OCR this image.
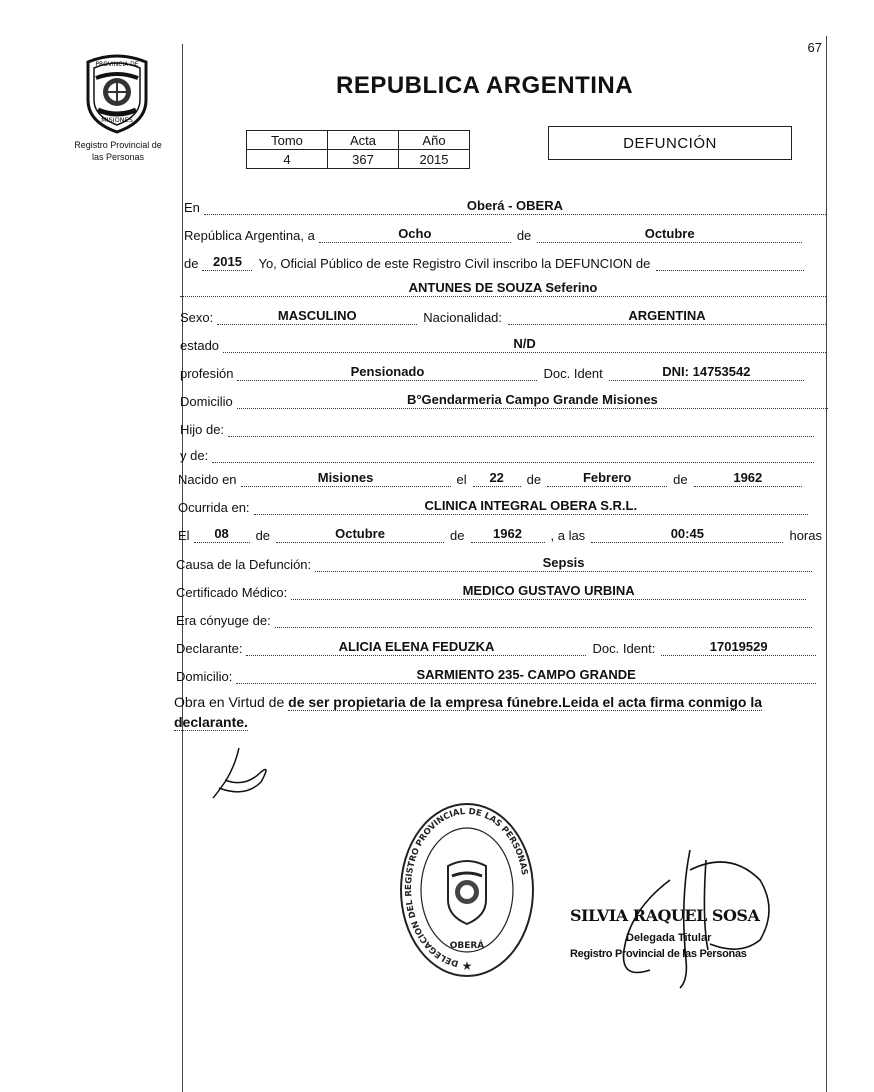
67
PROVINCIA DE
MISIONES
Registro Provincial de
las Personas
REPUBLICA ARGENTINA
Tomo	Acta	Año
4	367	2015
DEFUNCIÓN
En	Oberá - OBERA
República Argentina, a	Ocho	de	Octubre
de	2015	Yo, Oficial Público de este Registro Civil inscribo la DEFUNCION de
ANTUNES DE SOUZA Seferino
Sexo:	MASCULINO	Nacionalidad:	ARGENTINA
estado	N/D
profesión	Pensionado	Doc. Ident	DNI: 14753542
Domicilio	B°Gendarmeria Campo Grande Misiones
Hijo de:
y de:
Nacido en	Misiones	el	22	de	Febrero	de	1962
Ocurrida en:	CLINICA INTEGRAL OBERA S.R.L.
El	08	de	Octubre	de	1962	, a las	00:45	horas
Causa de la Defunción:	Sepsis
Certificado Médico:	MEDICO GUSTAVO URBINA
Era cónyuge de:
Declarante:	ALICIA ELENA FEDUZKA	Doc. Ident:	17019529
Domicilio:	SARMIENTO 235- CAMPO GRANDE
Obra en Virtud de de ser propietaria de la empresa fúnebre.Leida el acta firma conmigo la declarante.
DELEGACION DEL REGISTRO PROVINCIAL DE LAS PERSONAS
OBERÁ
★
SILVIA RAQUEL SOSA
Delegada Titular
Registro Provincial de las Personas
